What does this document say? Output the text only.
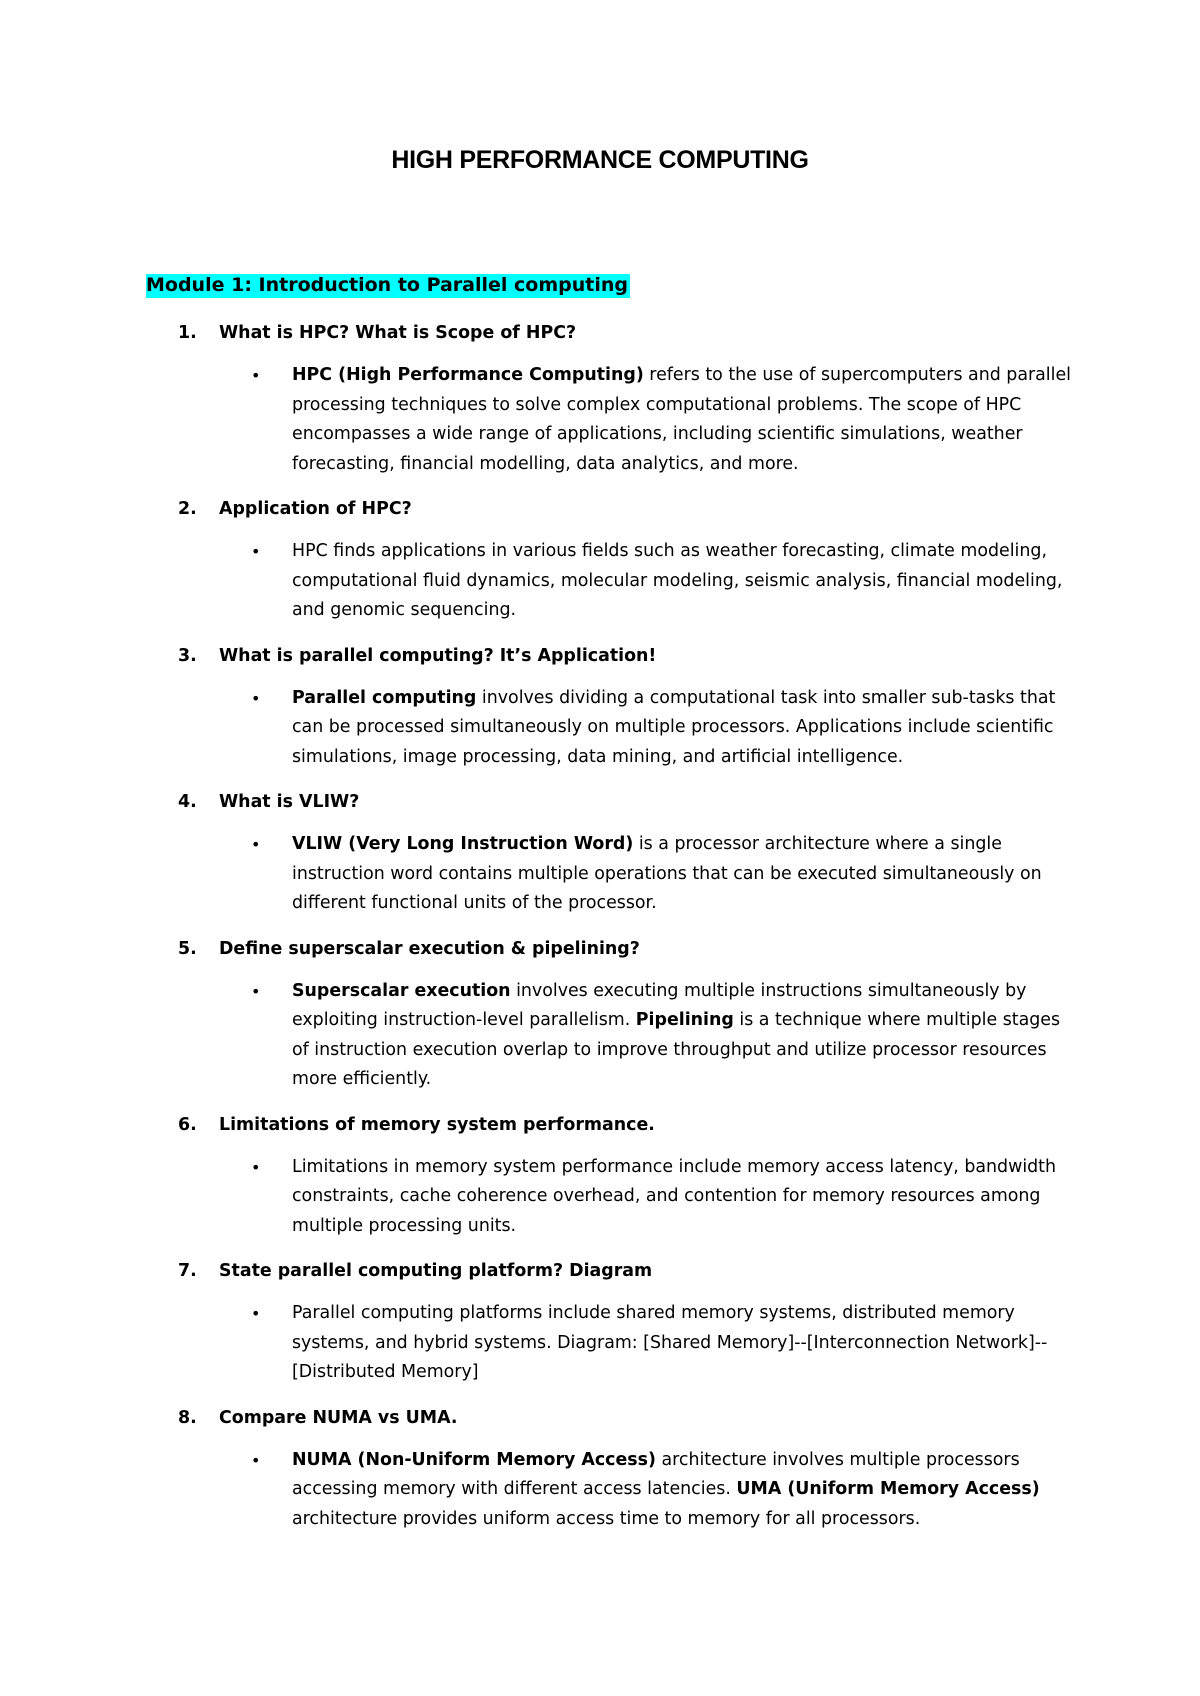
HIGH PERFORMANCE COMPUTING
Module 1: Introduction to Parallel computing
1.	What is HPC? What is Scope of HPC?
• HPC (High Performance Computing) refers to the use of supercomputers and parallel processing techniques to solve complex computational problems. The scope of HPC encompasses a wide range of applications, including scientific simulations, weather forecasting, financial modelling, data analytics, and more.
2.	Application of HPC?
• HPC finds applications in various fields such as weather forecasting, climate modeling, computational fluid dynamics, molecular modeling, seismic analysis, financial modeling, and genomic sequencing.
3.	What is parallel computing? It’s Application!
• Parallel computing involves dividing a computational task into smaller sub-tasks that can be processed simultaneously on multiple processors. Applications include scientific simulations, image processing, data mining, and artificial intelligence.
4.	What is VLIW?
• VLIW (Very Long Instruction Word) is a processor architecture where a single instruction word contains multiple operations that can be executed simultaneously on different functional units of the processor.
5.	Define superscalar execution & pipelining?
• Superscalar execution involves executing multiple instructions simultaneously by exploiting instruction-level parallelism. Pipelining is a technique where multiple stages of instruction execution overlap to improve throughput and utilize processor resources more efficiently.
6.	Limitations of memory system performance.
• Limitations in memory system performance include memory access latency, bandwidth constraints, cache coherence overhead, and contention for memory resources among multiple processing units.
7.	State parallel computing platform? Diagram
• Parallel computing platforms include shared memory systems, distributed memory systems, and hybrid systems. Diagram: [Shared Memory]--[Interconnection Network]--[Distributed Memory]
8.	Compare NUMA vs UMA.
• NUMA (Non-Uniform Memory Access) architecture involves multiple processors accessing memory with different access latencies. UMA (Uniform Memory Access) architecture provides uniform access time to memory for all processors.
